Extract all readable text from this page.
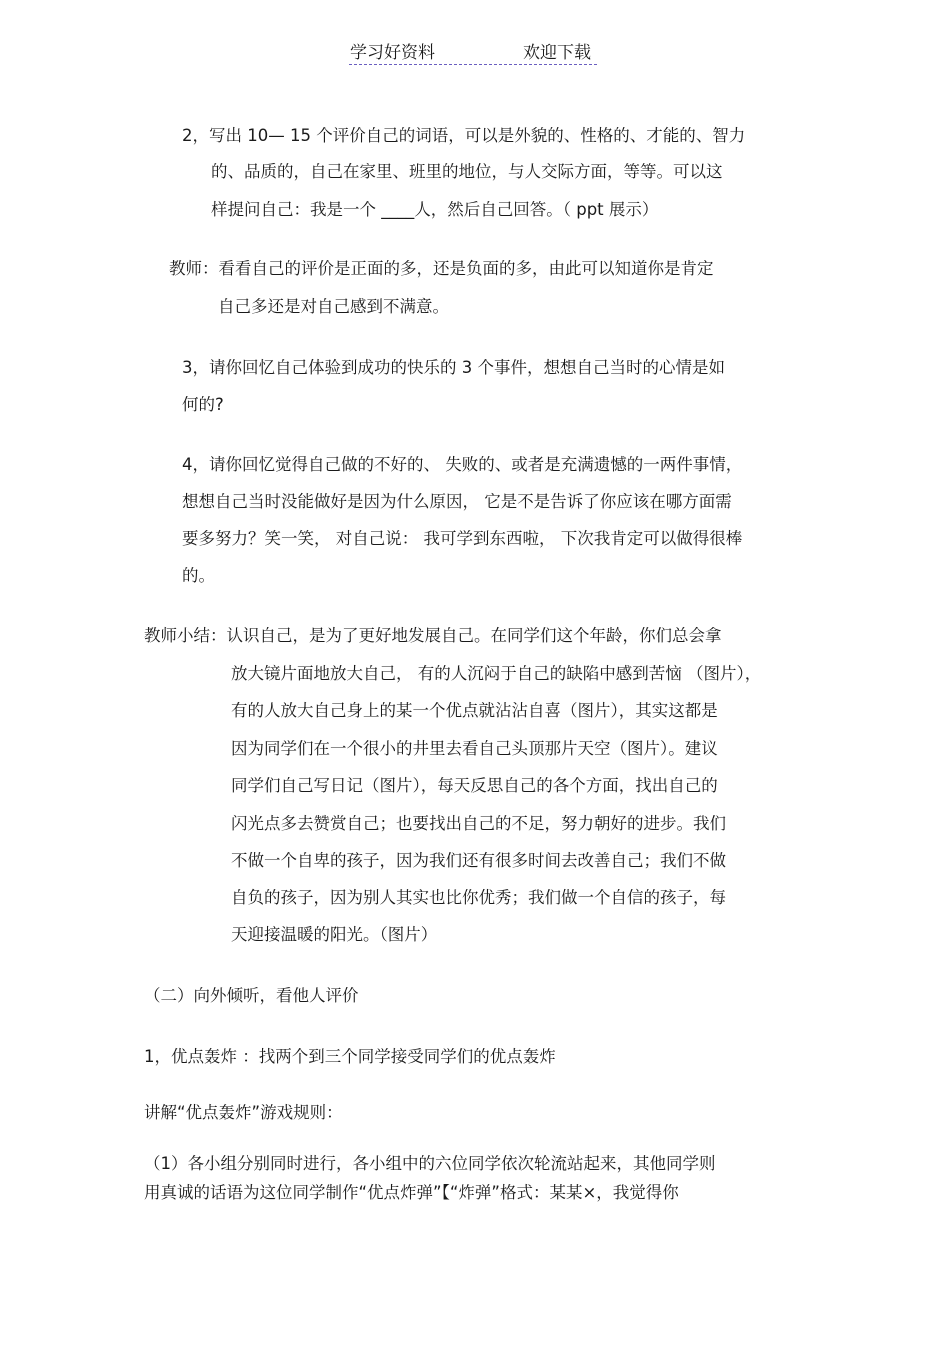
学习好资料	欢迎下载
2，写出 10— 15 个评价自己的词语，可以是外貌的、性格的、才能的、智力
的、品质的，自己在家里、班里的地位，与人交际方面，等等。可以这
样提问自己：我是一个 ____人，然后自己回答。（ ppt 展示）
教师：看看自己的评价是正面的多，还是负面的多，由此可以知道你是肯定
自己多还是对自己感到不满意。
3，请你回忆自己体验到成功的快乐的 3 个事件，想想自己当时的心情是如
何的?
4，请你回忆觉得自己做的不好的、 失败的、或者是充满遗憾的一两件事情，
想想自己当时没能做好是因为什么原因， 它是不是告诉了你应该在哪方面需
要多努力？笑一笑， 对自己说： 我可学到东西啦， 下次我肯定可以做得很棒
的。
教师小结：认识自己，是为了更好地发展自己。在同学们这个年龄，你们总会拿
放大镜片面地放大自己， 有的人沉闷于自己的缺陷中感到苦恼 （图片），
有的人放大自己身上的某一个优点就沾沾自喜（图片），其实这都是
因为同学们在一个很小的井里去看自己头顶那片天空（图片）。建议
同学们自己写日记（图片），每天反思自己的各个方面，找出自己的
闪光点多去赞赏自己；也要找出自己的不足，努力朝好的进步。我们
不做一个自卑的孩子，因为我们还有很多时间去改善自己；我们不做
自负的孩子，因为别人其实也比你优秀；我们做一个自信的孩子，每
天迎接温暖的阳光。（图片）
（二）向外倾听，看他人评价
1，优点轰炸 ：找两个到三个同学接受同学们的优点轰炸
讲解“优点轰炸”游戏规则：
（1）各小组分别同时进行，各小组中的六位同学依次轮流站起来，其他同学则
用真诚的话语为这位同学制作“优点炸弹”【“炸弹”格式：某某×，我觉得你
